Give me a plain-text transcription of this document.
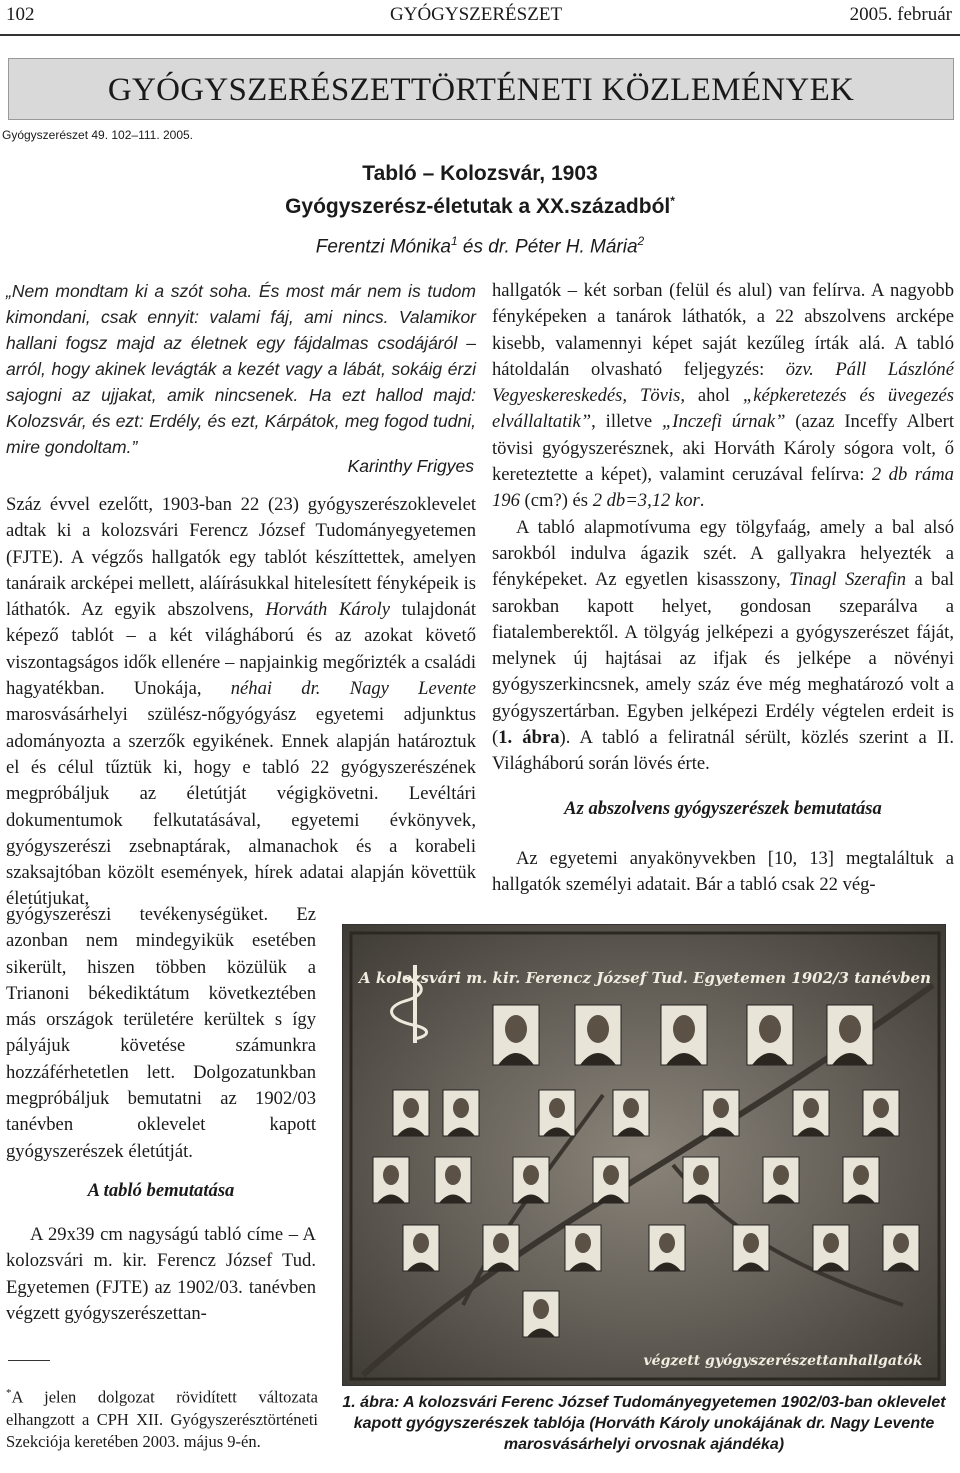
102	GYÓGYSZERÉSZET	2005. február
GYÓGYSZERÉSZETTÖRTÉNETI KÖZLEMÉNYEK
Gyógyszerészet 49. 102–111. 2005.
Tabló – Kolozsvár, 1903
Gyógyszerész-életutak a XX.századból*
Ferentzi Mónika$^1$ és dr. Péter H. Mária$^2$
„Nem mondtam ki a szót soha. És most már nem is tudom kimondani, csak ennyit: valami fáj, ami nincs. Valamikor hallani fogsz majd az életnek egy fájdalmas csodájáról – arról, hogy akinek levágták a kezét vagy a lábát, sokáig érzi sajogni az ujjakat, amik nincsenek. Ha ezt hallod majd: Kolozsvár, és ezt: Erdély, és ezt, Kárpátok, meg fogod tudni, mire gondoltam.”
Karinthy Frigyes
Száz évvel ezelőtt, 1903-ban 22 (23) gyógyszerészoklevelet adtak ki a kolozsvári Ferencz József Tudományegyetemen (FJTE). A végzős hallgatók egy tablót készíttettek, amelyen tanáraik arcképei mellett, aláírásukkal hitelesített fényképeik is láthatók. Az egyik abszolvens, Horváth Károly tulajdonát képező tablót – a két világháború és az azokat követő viszontagságos idők ellenére – napjainkig megőrizték a családi hagyatékban. Unokája, néhai dr. Nagy Levente marosvásárhelyi szülész-nőgyógyász egyetemi adjunktus adományozta a szerzők egyikének. Ennek alapján határoztuk el és célul tűztük ki, hogy e tabló 22 gyógyszerészének megpróbáljuk az életútját végigkövetni. Levéltári dokumentumok felkutatásával, egyetemi évkönyvek, gyógyszerészi zsebnaptárak, almanachok és a korabeli szaksajtóban közölt események, hírek adatai alapján követtük életútjukat,
gyógyszerészi tevékenységüket. Ez azonban nem mindegyikük esetében sikerült, hiszen többen közülük a Trianoni békediktátum következtében más országok területére kerültek s így pályájuk követése számunkra hozzáférhetetlen lett. Dolgozatunkban megpróbáljuk bemutatni az 1902/03 tanévben oklevelet kapott gyógyszerészek életútját.
A tabló bemutatása
A 29x39 cm nagyságú tabló címe – A kolozsvári m. kir. Ferencz József Tud. Egyetemen (FJTE) az 1902/03. tanévben végzett gyógyszerészettan-

hallgatók – két sorban (felül és alul) van felírva. A nagyobb fényképeken a tanárok láthatók, a 22 abszolvens arcképe kisebb, valamennyi képet saját kezűleg írták alá. A tabló hátoldalán olvasható feljegyzés: özv. Páll Lászlóné Vegyeskereskedés, Tövis, ahol „képkeretezés és üvegezés elvállaltatik”, illetve „Inczefi úrnak” (azaz Inceffy Albert tövisi gyógyszerésznek, aki Horváth Károly sógora volt, ő kereteztette a képet), valamint ceruzával felírva: 2 db ráma 196 (cm?) és 2 db=3,12 kor.

A tabló alapmotívuma egy tölgyfaág, amely a bal alsó sarokból indulva ágazik szét. A gallyakra helyezték a fényképeket. Az egyetlen kisasszony, Tinagl Szerafin a bal sarokban kapott helyet, gondosan szeparálva a fiatalemberektől. A tölgyág jelképezi a gyógyszerészet fáját, melynek új hajtásai az ifjak és jelképe a növényi gyógyszerkincsnek, amely száz éve még meghatározó volt a gyógyszertárban. Egyben jelképezi Erdély végtelen erdeit is (1. ábra). A tabló a feliratnál sérült, közlés szerint a II. Világháború során lövés érte.

Az abszolvens gyógyszerészek bemutatása
Az egyetemi anyakönyvekben [10, 13] megtaláltuk a hallgatók személyi adatait. Bár a tabló csak 22 vég-
A kolozsvári m. kir. Ferencz József Tud. Egyetemen 1902/3 tanévben
végzett gyógyszerészettanhallgatók
1. ábra: A kolozsvári Ferenc József Tudományegyetemen 1902/03-ban oklevelet kapott gyógyszerészek tablója (Horváth Károly unokájának dr. Nagy Levente marosvásárhelyi orvosnak ajándéka)
*A jelen dolgozat rövidített változata elhangzott a CPH XII. Gyógyszerésztörténeti Szekciója keretében 2003. május 9-én.
